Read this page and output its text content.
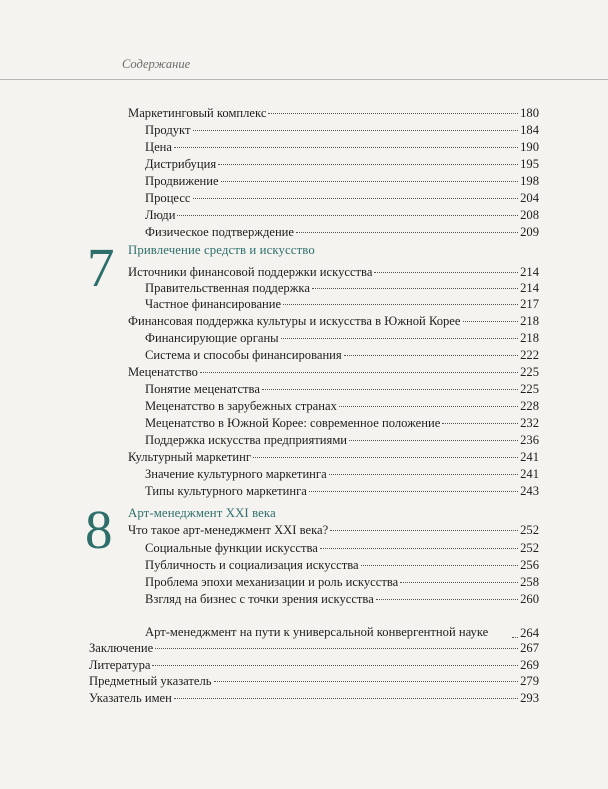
Содержание
Маркетинговый комплекс	180
Продукт	184
Цена	190
Дистрибуция	195
Продвижение	198
Процесс	204
Люди	208
Физическое подтверждение	209
7 Привлечение средств и искусство
Источники финансовой поддержки искусства	214
Правительственная поддержка	214
Частное финансирование	217
Финансовая поддержка культуры и искусства в Южной Корее	218
Финансирующие органы	218
Система и способы финансирования	222
Меценатство	225
Понятие меценатства	225
Меценатство в зарубежных странах	228
Меценатство в Южной Корее: современное положение	232
Поддержка искусства предприятиями	236
Культурный маркетинг	241
Значение культурного маркетинга	241
Типы культурного маркетинга	243
8 Арт-менеджмент XXI века
Что такое арт-менеджмент XXI века?	252
Социальные функции искусства	252
Публичность и социализация искусства	256
Проблема эпохи механизации и роль искусства	258
Взгляд на бизнес с точки зрения искусства	260
Арт-менеджмент на пути к универсальной конвергентной науке	264
Заключение	267
Литература	269
Предметный указатель	279
Указатель имен	293
